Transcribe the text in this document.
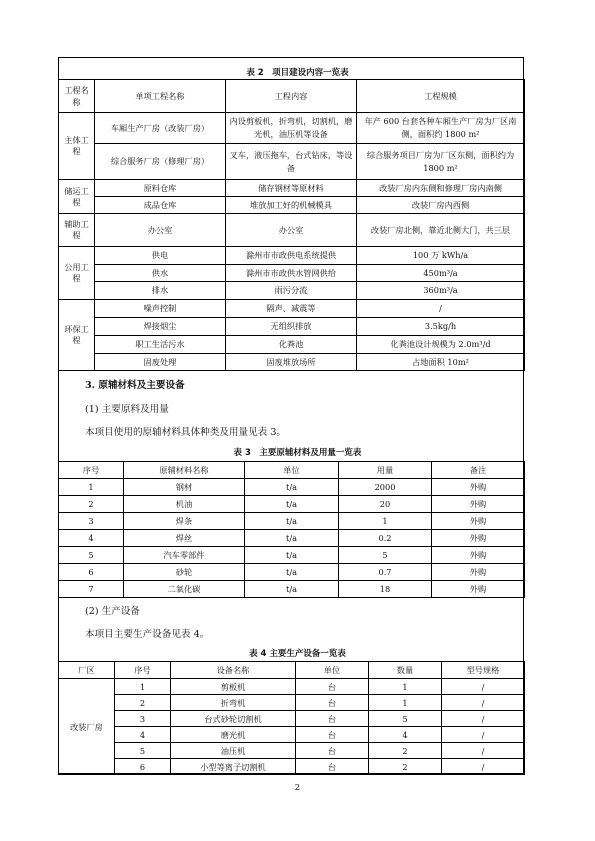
表 2　项目建设内容一览表
工程名称	单项工程名称	工程内容	工程规模
主体工程	车厢生产厂房（改装厂房）	内设剪板机，折弯机，切割机，磨光机，油压机等设备	年产 600 台套各种车厢生产厂房为厂区南侧，面积约 1800 m²
	综合服务厂房（修理厂房）	叉车，液压拖车，台式钻床，等设备	综合服务项目厂房为厂区东侧，面积约为 1800 m²
储运工程	原料仓库	储存钢材等原材料	改装厂房内东侧和修理厂房内南侧
	成品仓库	堆放加工好的机械模具	改装厂房内西侧
辅助工程	办公室	办公室	改装厂房北侧，靠近北侧大门，共三层
公用工程	供电	滁州市市政供电系统提供	100 万 kWh/a
	供水	滁州市市政供水管网供给	450m³/a
	排水	雨污分流	360m³/a
环保工程	噪声控制	隔声、减震等	/
	焊接烟尘	无组织排放	3.5kg/h
	职工生活污水	化粪池	化粪池设计规模为 2.0m³/d
	固废处理	固废堆放场所	占地面积 10m²
3. 原辅材料及主要设备
(1) 主要原料及用量
本项目使用的原辅材料具体种类及用量见表 3。
表 3　主要原辅材料及用量一览表
序号	原辅材料名称	单位	用量	备注
1	钢材	t/a	2000	外购
2	机油	t/a	20	外购
3	焊条	t/a	1	外购
4	焊丝	t/a	0.2	外购
5	汽车零部件	t/a	5	外购
6	砂轮	t/a	0.7	外购
7	二氧化碳	t/a	18	外购
(2) 生产设备
本项目主要生产设备见表 4。
表 4 主要生产设备一览表
厂区	序号	设备名称	单位	数量	型号规格
改装厂房	1	剪板机	台	1	/
	2	折弯机	台	1	/
	3	台式砂轮切割机	台	5	/
	4	磨光机	台	4	/
	5	油压机	台	2	/
	6	小型等离子切割机	台	2	/
2
